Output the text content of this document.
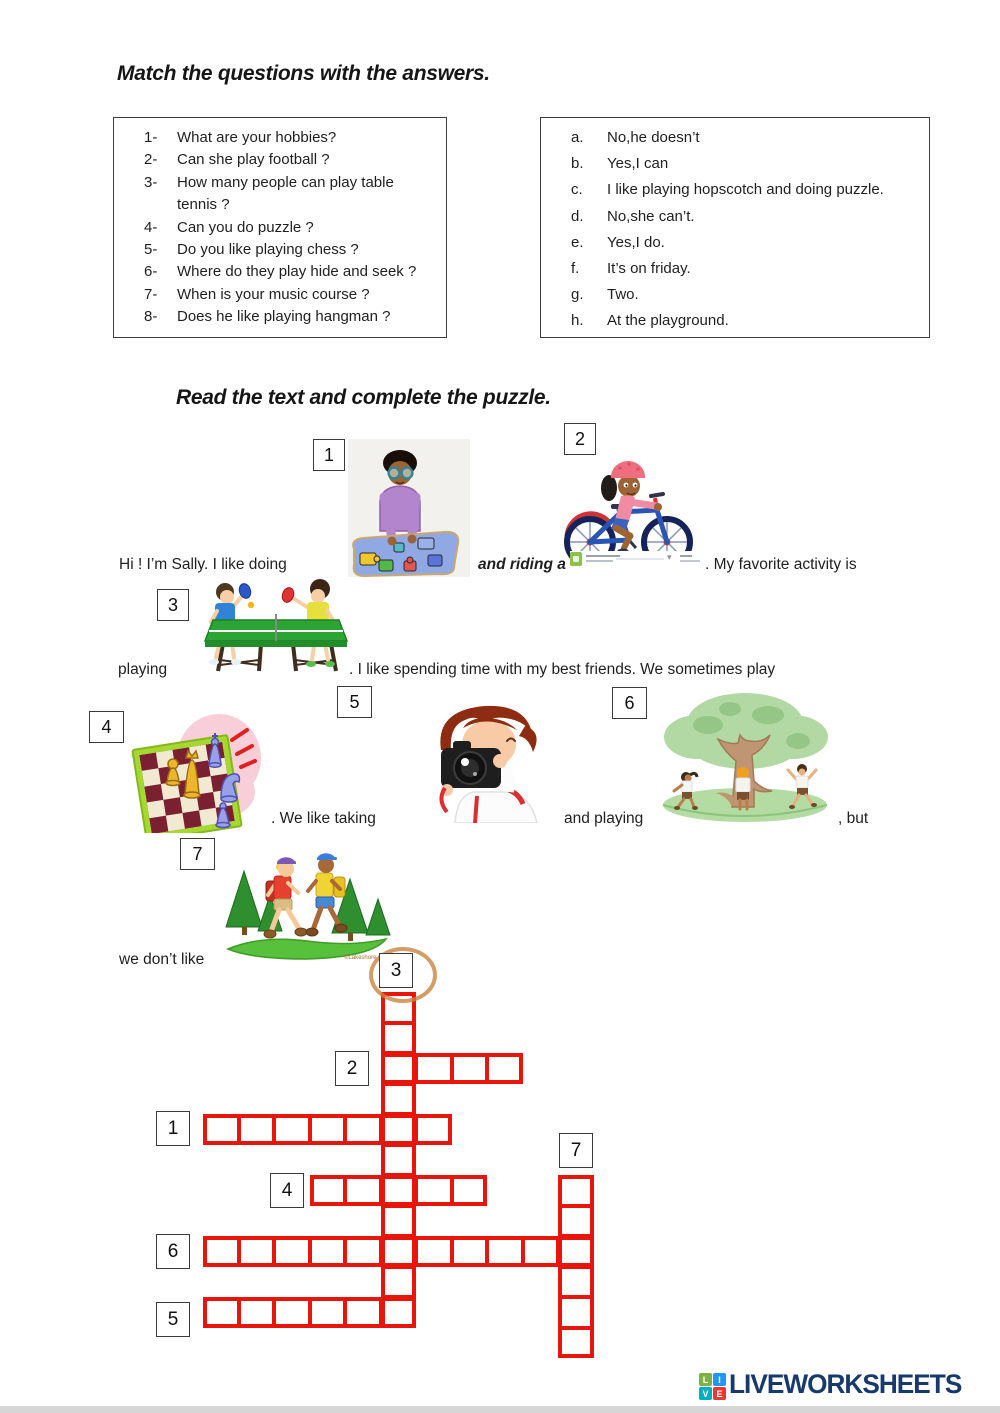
Match the questions with the answers.
Read the text and complete the puzzle.
1-	What are your hobbies?
2-	Can she play football ?
3-	How many people can play table tennis ?
4-	Can you do puzzle ?
5-	Do you like playing chess ?
6-	Where do they play hide and seek ?
7-	When is your music course ?
8-	Does he like playing hangman ?
a.	No,he doesn’t
b.	Yes,I can
c.	I like playing hopscotch and doing puzzle.
d.	No,she can’t.
e.	Yes,I do.
f.	It’s on friday.
g.	Two.
h.	At the playground.
Hi ! I’m Sally. I like doing	and riding a	. My favorite activity is
playing	. I like spending time with my best friends. We sometimes play
. We like taking	and playing	, but
we don’t like
1
2
3
4
5	6
7
©Lakeshore
▾
3
2
1
4
7
6
5
L	I
V E LIVEWORKSHEETS
